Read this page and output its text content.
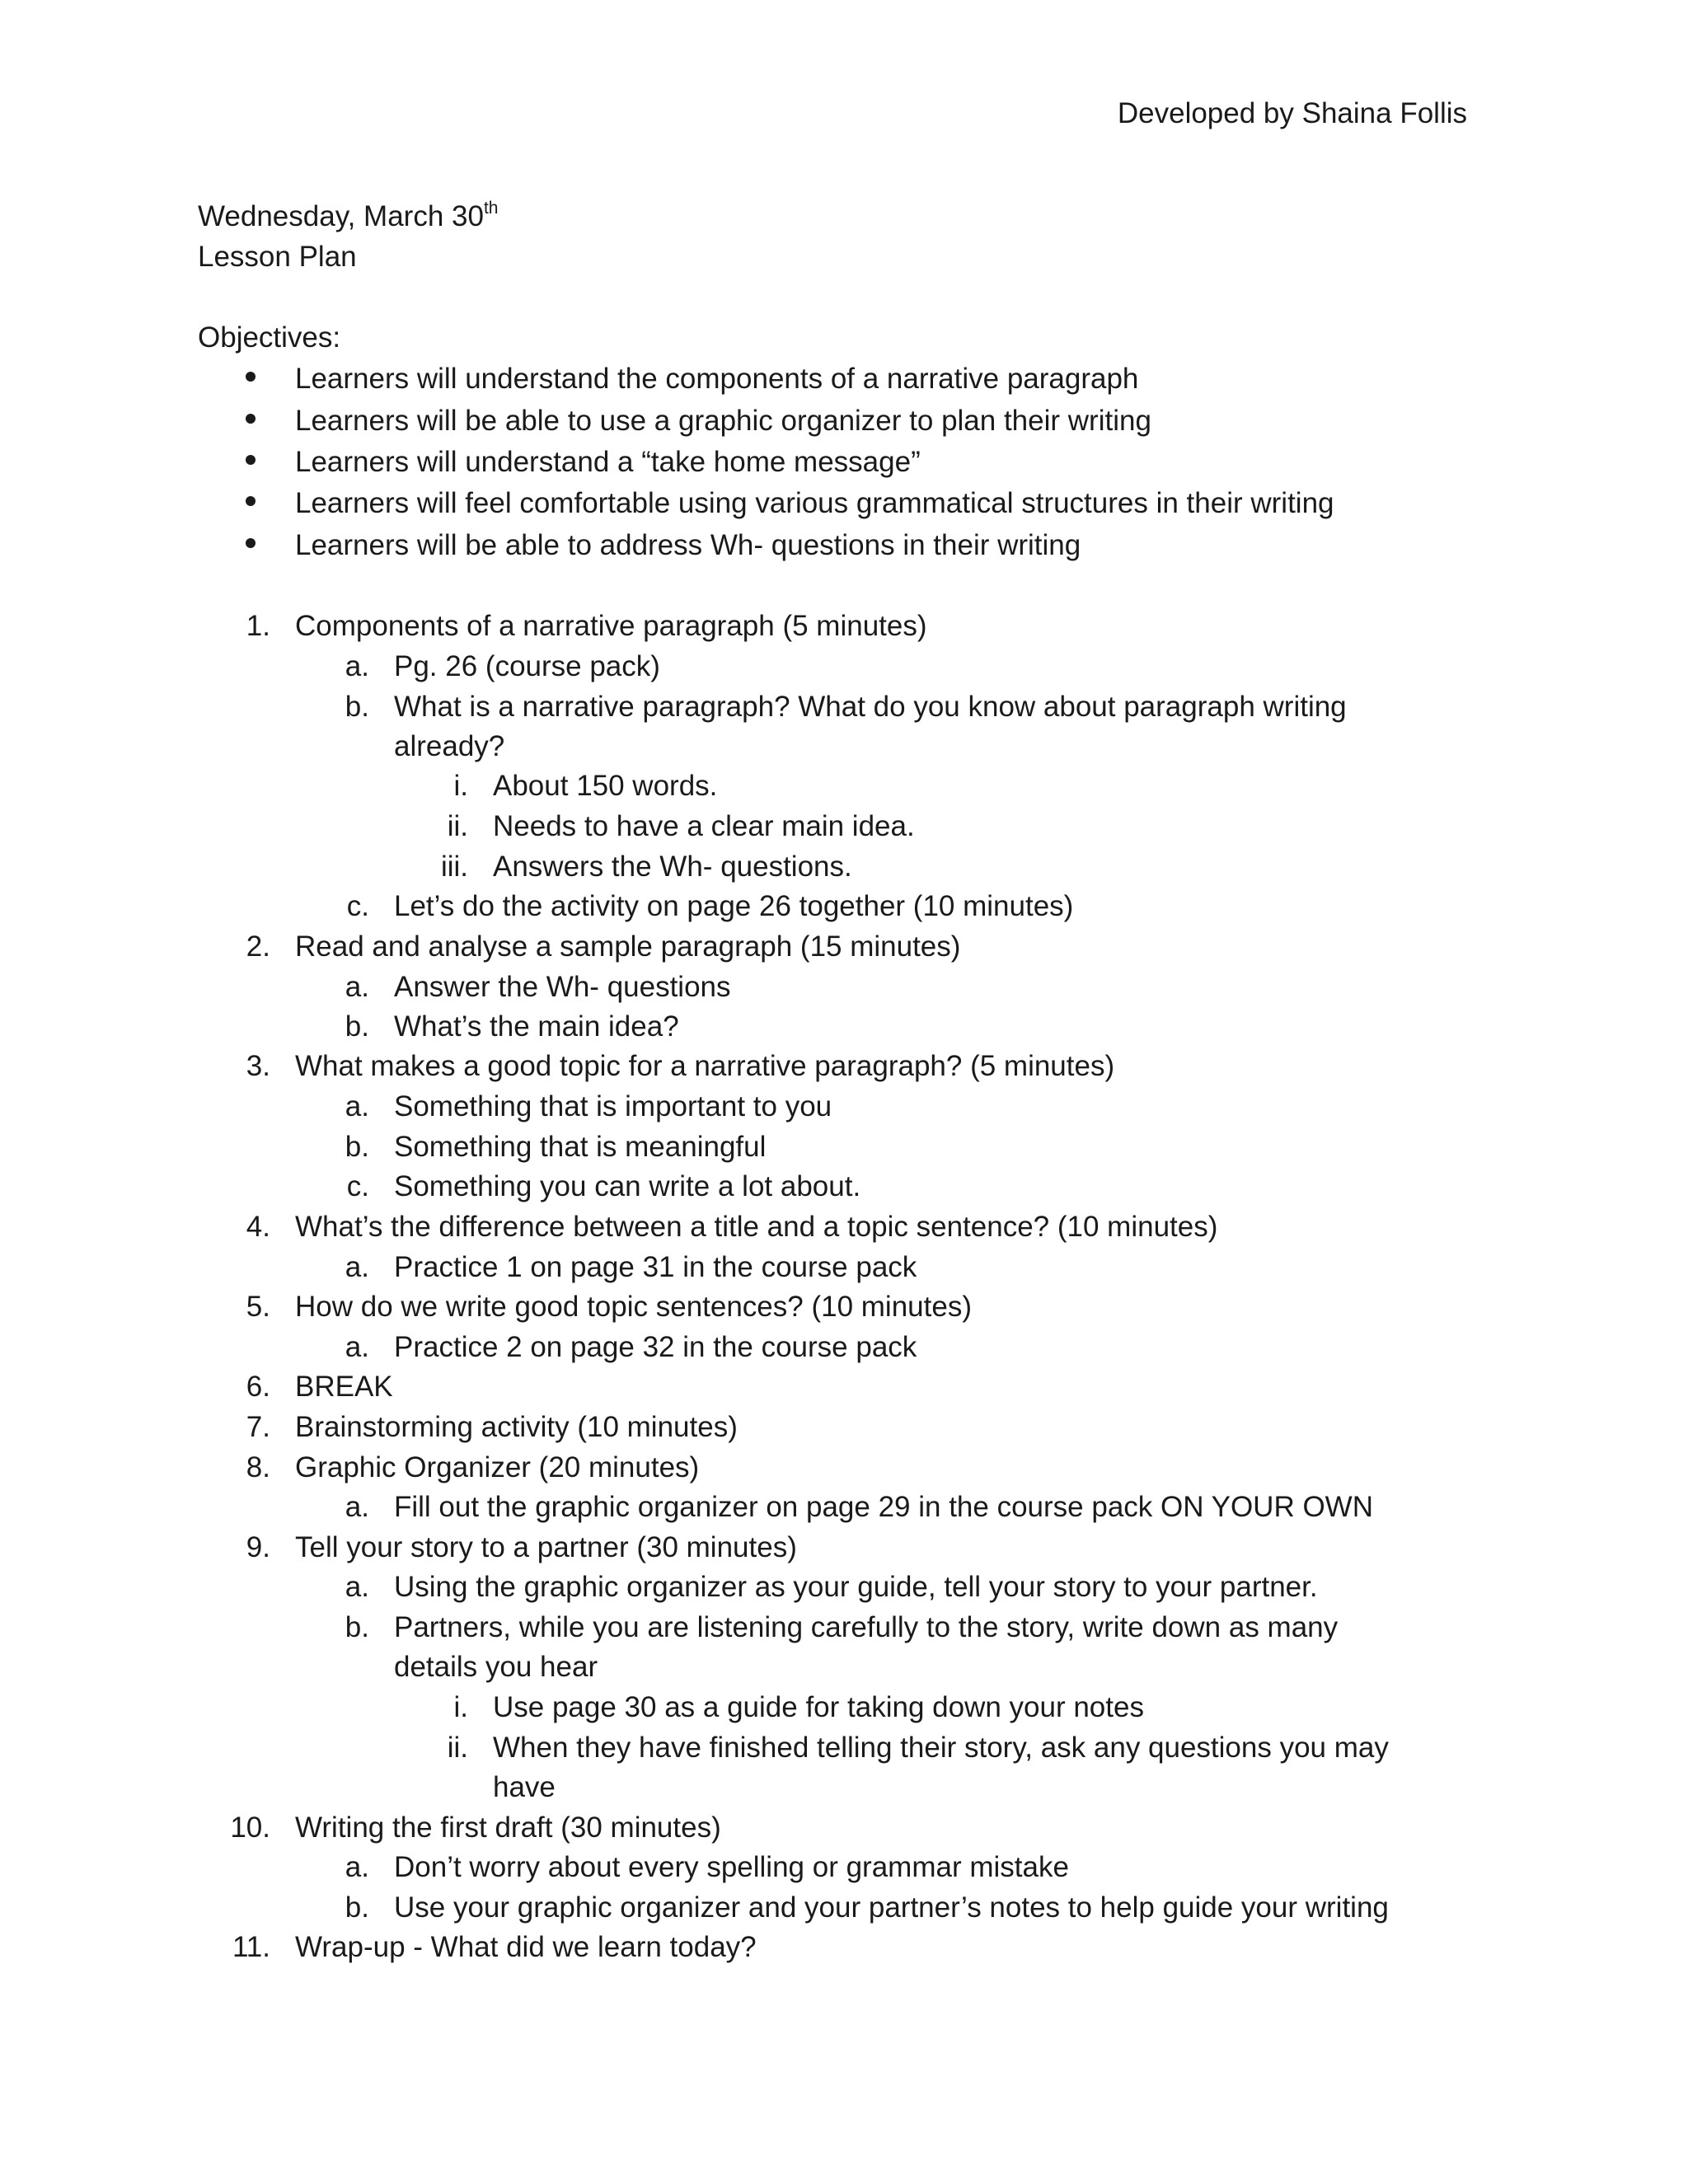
Developed by Shaina Follis
Wednesday, March 30th
Lesson Plan
Objectives:
Learners will understand the components of a narrative paragraph
Learners will be able to use a graphic organizer to plan their writing
Learners will understand a “take home message”
Learners will feel comfortable using various grammatical structures in their writing
Learners will be able to address Wh- questions in their writing
1. Components of a narrative paragraph (5 minutes)
a. Pg. 26 (course pack)
b. What is a narrative paragraph? What do you know about paragraph writing
already?
i. About 150 words.
ii. Needs to have a clear main idea.
iii. Answers the Wh- questions.
c. Let’s do the activity on page 26 together (10 minutes)
2. Read and analyse a sample paragraph (15 minutes)
a. Answer the Wh- questions
b. What’s the main idea?
3. What makes a good topic for a narrative paragraph? (5 minutes)
a. Something that is important to you
b. Something that is meaningful
c. Something you can write a lot about.
4. What’s the difference between a title and a topic sentence? (10 minutes)
a. Practice 1 on page 31 in the course pack
5. How do we write good topic sentences? (10 minutes)
a. Practice 2 on page 32 in the course pack
6. BREAK
7. Brainstorming activity (10 minutes)
8. Graphic Organizer (20 minutes)
a. Fill out the graphic organizer on page 29 in the course pack ON YOUR OWN
9. Tell your story to a partner (30 minutes)
a. Using the graphic organizer as your guide, tell your story to your partner.
b. Partners, while you are listening carefully to the story, write down as many
details you hear
i. Use page 30 as a guide for taking down your notes
ii. When they have finished telling their story, ask any questions you may
have
10. Writing the first draft (30 minutes)
a. Don’t worry about every spelling or grammar mistake
b. Use your graphic organizer and your partner’s notes to help guide your writing
11. Wrap-up - What did we learn today?
